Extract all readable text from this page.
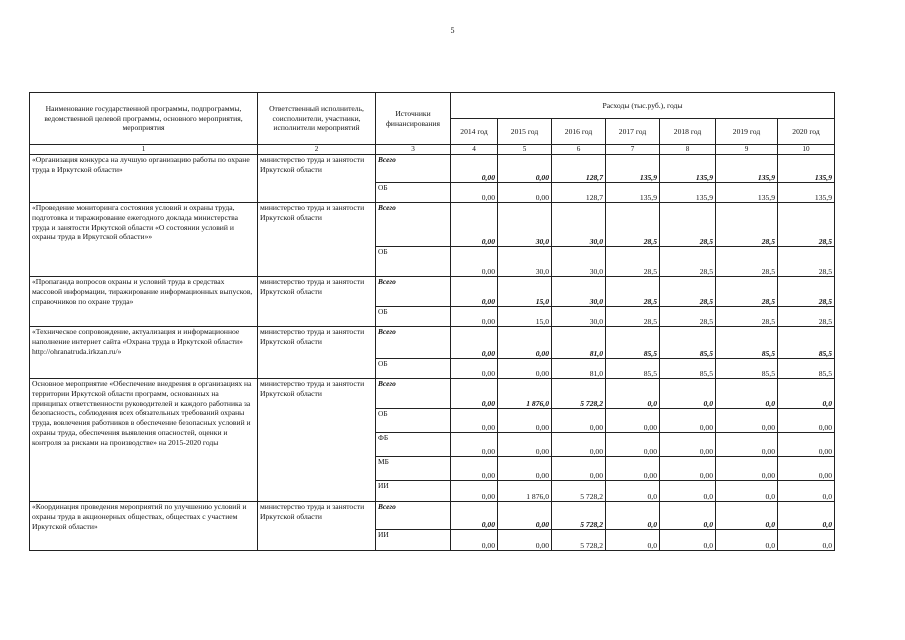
5
Наименование государственной программы, подпрограммы, ведомственной целевой программы, основного мероприятия, мероприятия	Ответственный исполнитель, соисполнители, участники, исполнители мероприятий	Источники финансирования	Расходы (тыс.руб.), годы						
			2014 год	2015 год	2016 год	2017 год	2018 год	2019 год	2020 год
1	2	3	4	5	6	7	8	9	10
«Организация конкурса на лучшую организацию работы по охране труда в Иркутской области»	министерство труда и занятости Иркутской области	Всего	0,00	0,00	128,7	135,9	135,9	135,9	135,9
		ОБ	0,00	0,00	128,7	135,9	135,9	135,9	135,9
«Проведение мониторинга состояния условий и охраны труда, подготовка и тиражирование ежегодного доклада министерства труда и занятости Иркутской области «О состоянии условий и охраны труда в Иркутской области»»	министерство труда и занятости Иркутской области	Всего	0,00	30,0	30,0	28,5	28,5	28,5	28,5
		ОБ	0,00	30,0	30,0	28,5	28,5	28,5	28,5
«Пропаганда вопросов охраны и условий труда в средствах массовой информации, тиражирование информационных выпусков, справочников по охране труда»	министерство труда и занятости Иркутской области	Всего	0,00	15,0	30,0	28,5	28,5	28,5	28,5
		ОБ	0,00	15,0	30,0	28,5	28,5	28,5	28,5
«Техническое сопровождение, актуализация и информационное наполнение интернет сайта «Охрана труда в Иркутской области» http://ohranatruda.irkzan.ru/»	министерство труда и занятости Иркутской области	Всего	0,00	0,00	81,0	85,5	85,5	85,5	85,5
		ОБ	0,00	0,00	81,0	85,5	85,5	85,5	85,5
Основное мероприятие «Обеспечение внедрения в организациях на территории Иркутской области программ, основанных на принципах ответственности руководителей и каждого работника за безопасность, соблюдения всех обязательных требований охраны труда, вовлечения работников в обеспечение безопасных условий и охраны труда, обеспечения выявления опасностей, оценки и контроля за рисками на производстве» на 2015-2020 годы	министерство труда и занятости Иркутской области	Всего	0,00	1 876,0	5 728,2	0,0	0,0	0,0	0,0
		ОБ	0,00	0,00	0,00	0,00	0,00	0,00	0,00
		ФБ	0,00	0,00	0,00	0,00	0,00	0,00	0,00
		МБ	0,00	0,00	0,00	0,00	0,00	0,00	0,00
		ИИ	0,00	1 876,0	5 728,2	0,0	0,0	0,0	0,0
«Координация проведения мероприятий по улучшению условий и охраны труда в акционерных обществах, обществах с участием Иркутской области»	министерство труда и занятости Иркутской области	Всего	0,00	0,00	5 728,2	0,0	0,0	0,0	0,0
		ИИ	0,00	0,00	5 728,2	0,0	0,0	0,0	0,0
